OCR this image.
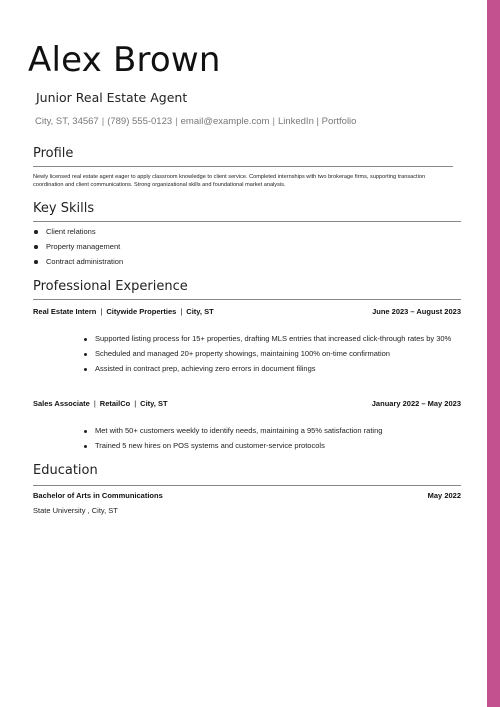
Alex Brown
Junior Real Estate Agent
City, ST, 34567 | (789) 555-0123 | email@example.com | LinkedIn | Portfolio
Profile
Newly licensed real estate agent eager to apply classroom knowledge to client service. Completed internships with two brokerage firms, supporting transaction coordination and client communications. Strong organizational skills and foundational market analysis.
Key Skills
Client relations
Property management
Contract administration
Professional Experience
Real Estate Intern | Citywide Properties | City, ST	June 2023 – August 2023
Supported listing process for 15+ properties, drafting MLS entries that increased click-through rates by 30%
Scheduled and managed 20+ property showings, maintaining 100% on-time confirmation
Assisted in contract prep, achieving zero errors in document filings
Sales Associate | RetailCo | City, ST	January 2022 – May 2023
Met with 50+ customers weekly to identify needs, maintaining a 95% satisfaction rating
Trained 5 new hires on POS systems and customer-service protocols
Education
Bachelor of Arts in Communications	May 2022
State University , City, ST
